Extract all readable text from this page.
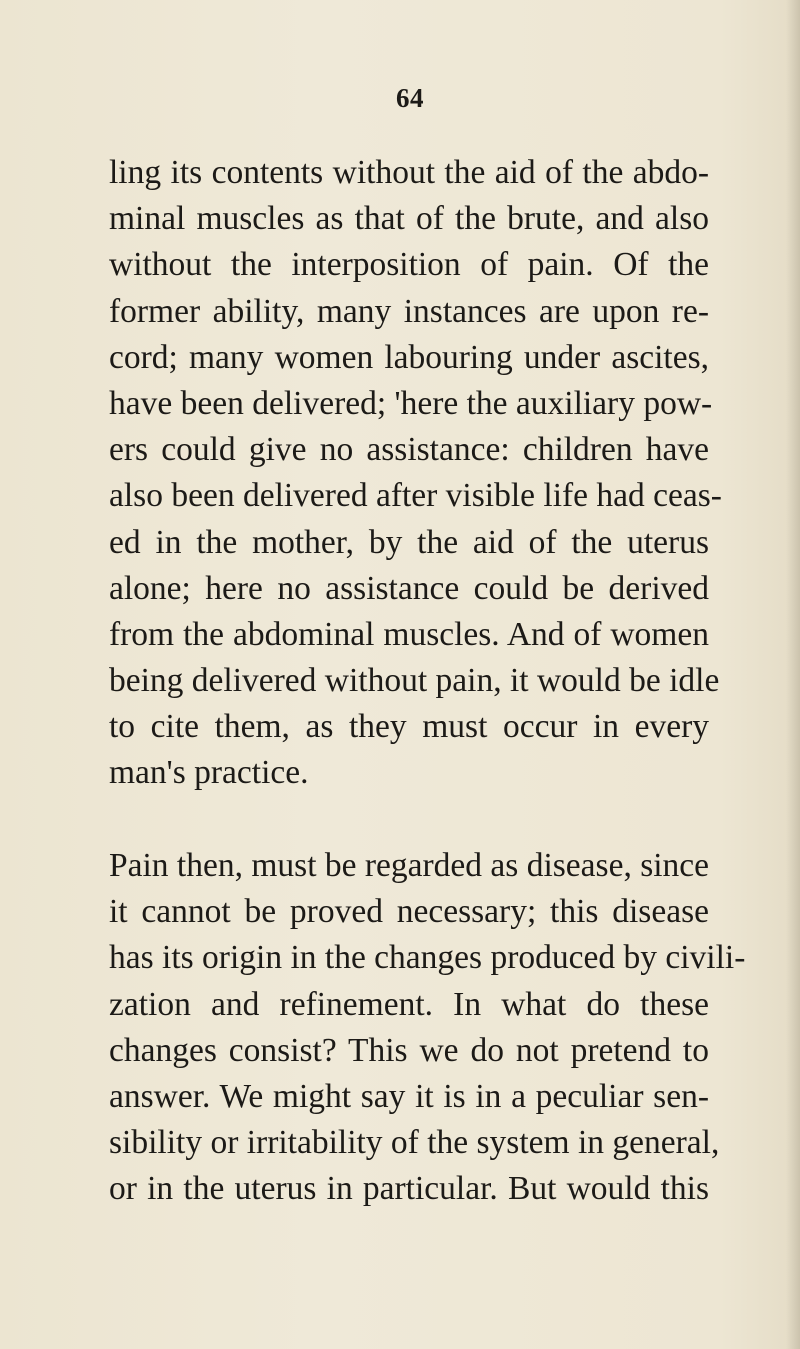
64
ling its contents without the aid of the abdo-
minal muscles as that of the brute, and also
without the interposition of pain. Of the
former ability, many instances are upon re-
cord; many women labouring under ascites,
have been delivered; 'here the auxiliary pow-
ers could give no assistance: children have
also been delivered after visible life had ceas-
ed in the mother, by the aid of the uterus
alone; here no assistance could be derived
from the abdominal muscles. And of women
being delivered without pain, it would be idle
to cite them, as they must occur in every
man's practice.
Pain then, must be regarded as disease, since
it cannot be proved necessary; this disease
has its origin in the changes produced by civili-
zation and refinement. In what do these
changes consist? This we do not pretend to
answer. We might say it is in a peculiar sen-
sibility or irritability of the system in general,
or in the uterus in particular. But would this
